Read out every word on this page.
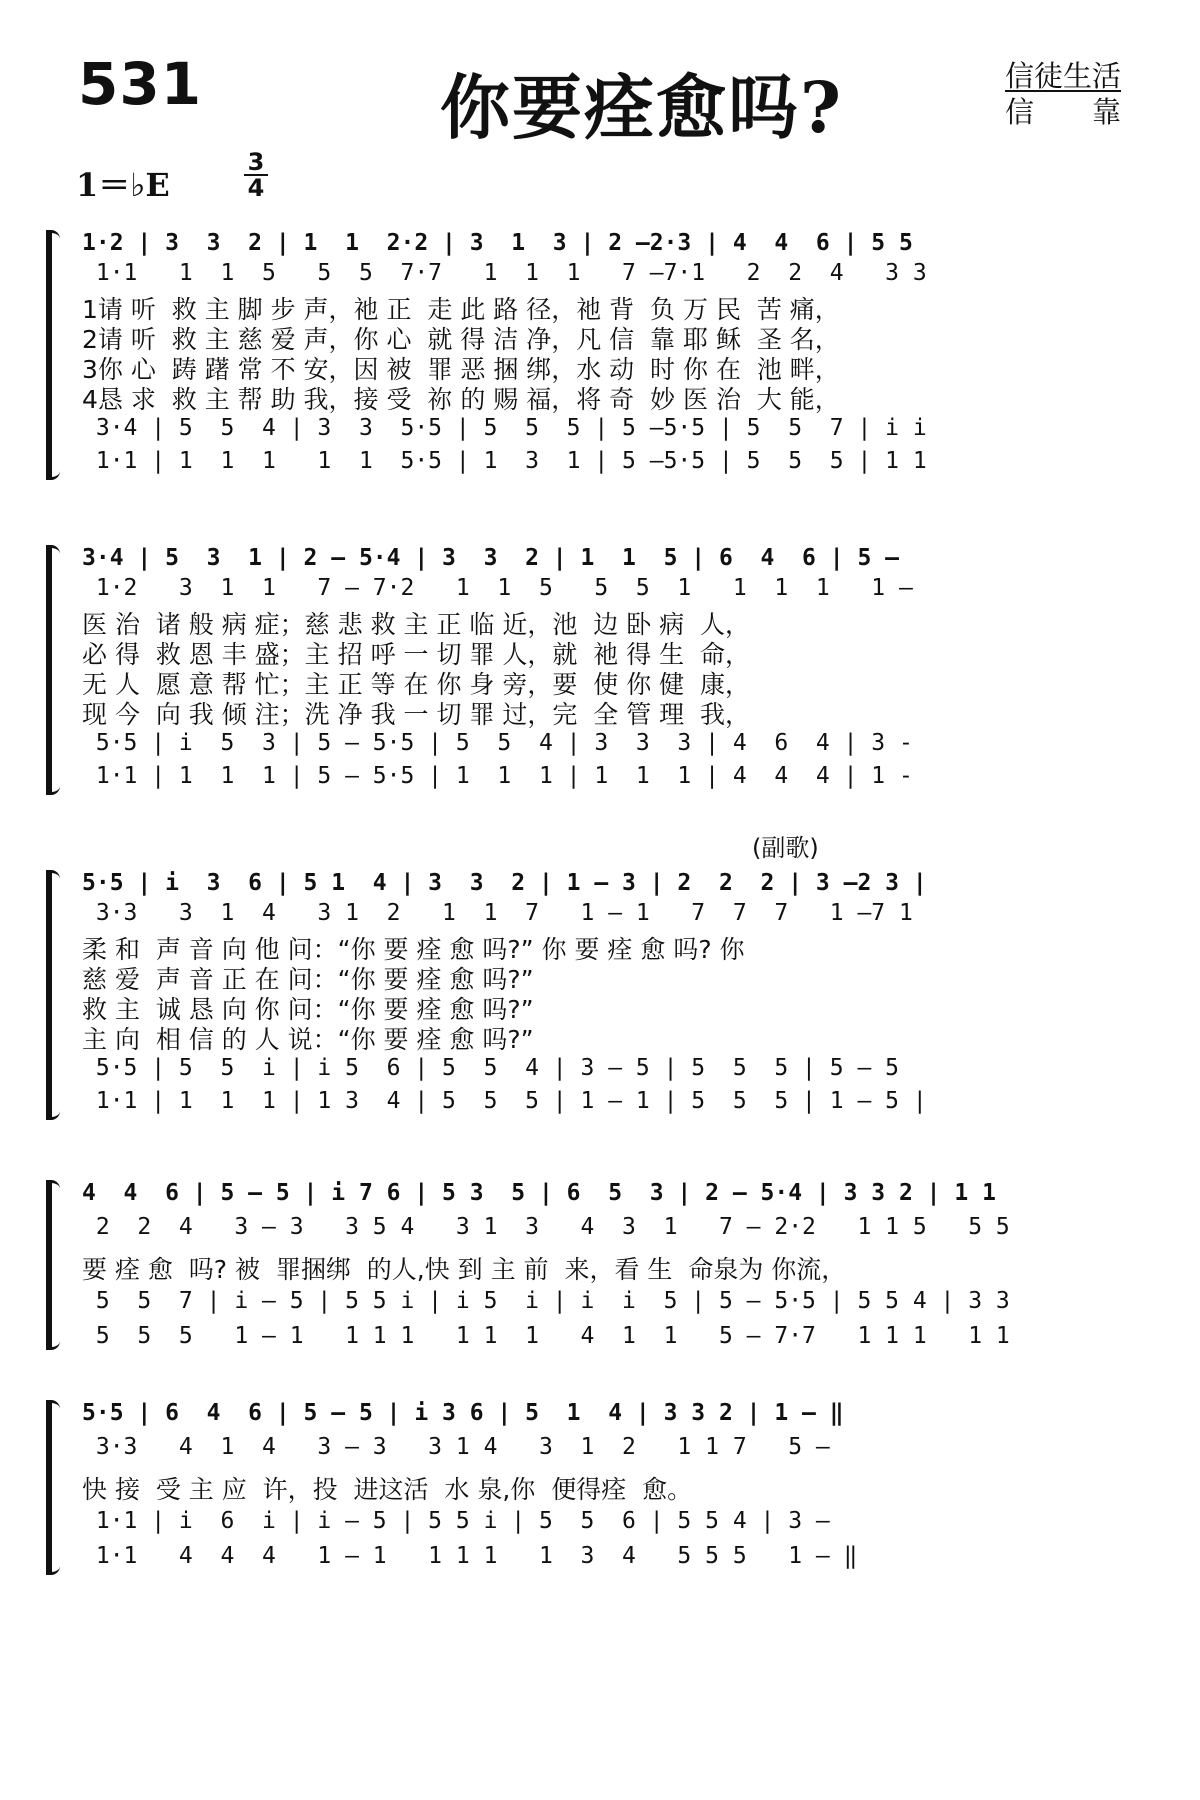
531	你要痊愈吗?	信徒生活
信　　靠
1＝♭E
3
4
1·2 | 3  3  2 | 1  1  2·2 | 3  1  3 | 2 —2·3 | 4  4  6 | 5 5
1·1   1  1  5   5  5  7·7   1  1  1   7 –7·1   2  2  4   3 3
1请 听  救 主 脚 步 声，祂 正  走 此 路 径，祂 背  负 万 民  苦 痛，
2请 听  救 主 慈 爱 声，你 心  就 得 洁 净，凡 信  靠 耶 稣  圣 名，
3你 心  踌 躇 常 不 安，因 被  罪 恶 捆 绑，水 动  时 你 在  池 畔，
4恳 求  救 主 帮 助 我，接 受  祢 的 赐 福，将 奇  妙 医 治  大 能，
3·4 | 5  5  4 | 3  3  5·5 | 5  5  5 | 5 –5·5 | 5  5  7 | i i
1·1 | 1  1  1   1  1  5·5 | 1  3  1 | 5 –5·5 | 5  5  5 | 1 1
3·4 | 5  3  1 | 2 — 5·4 | 3  3  2 | 1  1  5 | 6  4  6 | 5 —
1·2   3  1  1   7 – 7·2   1  1  5   5  5  1   1  1  1   1 –
医 治  诸 般 病 症；慈 悲 救 主 正 临 近，池  边 卧 病  人，
必 得  救 恩 丰 盛；主 招 呼 一 切 罪 人，就  祂 得 生  命，
无 人  愿 意 帮 忙；主 正 等 在 你 身 旁，要  使 你 健  康，
现 今  向 我 倾 注；洗 净 我 一 切 罪 过，完  全 管 理  我，
5·5 | i  5  3 | 5 – 5·5 | 5  5  4 | 3  3  3 | 4  6  4 | 3 -
1·1 | 1  1  1 | 5 – 5·5 | 1  1  1 | 1  1  1 | 4  4  4 | 1 -
(副歌)
5·5 | i  3  6 | 5 1  4 | 3  3  2 | 1 — 3 | 2  2  2 | 3 –2 3 |
3·3   3  1  4   3 1  2   1  1  7   1 – 1   7  7  7   1 –7 1
柔 和  声 音 向 他 问：“你 要 痊 愈 吗?” 你 要 痊 愈 吗? 你
慈 爱  声 音 正 在 问：“你 要 痊 愈 吗?”
救 主  诚 恳 向 你 问：“你 要 痊 愈 吗?”
主 向  相 信 的 人 说：“你 要 痊 愈 吗?”
5·5 | 5  5  i | i 5  6 | 5  5  4 | 3 – 5 | 5  5  5 | 5 – 5
1·1 | 1  1  1 | 1 3  4 | 5  5  5 | 1 – 1 | 5  5  5 | 1 – 5 |
4  4  6 | 5 – 5 | i 7 6 | 5 3  5 | 6  5  3 | 2 – 5·4 | 3 3 2 | 1 1
2  2  4   3 – 3   3 5 4   3 1  3   4  3  1   7 – 2·2   1 1 5   5 5
要 痊 愈  吗? 被  罪捆绑  的人,快 到 主 前  来，看 生  命泉为 你流，
5  5  7 | i – 5 | 5 5 i | i 5  i | i  i  5 | 5 – 5·5 | 5 5 4 | 3 3
5  5  5   1 – 1   1 1 1   1 1  1   4  1  1   5 – 7·7   1 1 1   1 1
5·5 | 6  4  6 | 5 – 5 | i 3 6 | 5  1  4 | 3 3 2 | 1 — ‖
3·3   4  1  4   3 – 3   3 1 4   3  1  2   1 1 7   5 –
快 接  受 主 应  许，投  进这活  水 泉,你  便得痊  愈。
1·1 | i  6  i | i – 5 | 5 5 i | 5  5  6 | 5 5 4 | 3 –
1·1   4  4  4   1 – 1   1 1 1   1  3  4   5 5 5   1 – ‖
